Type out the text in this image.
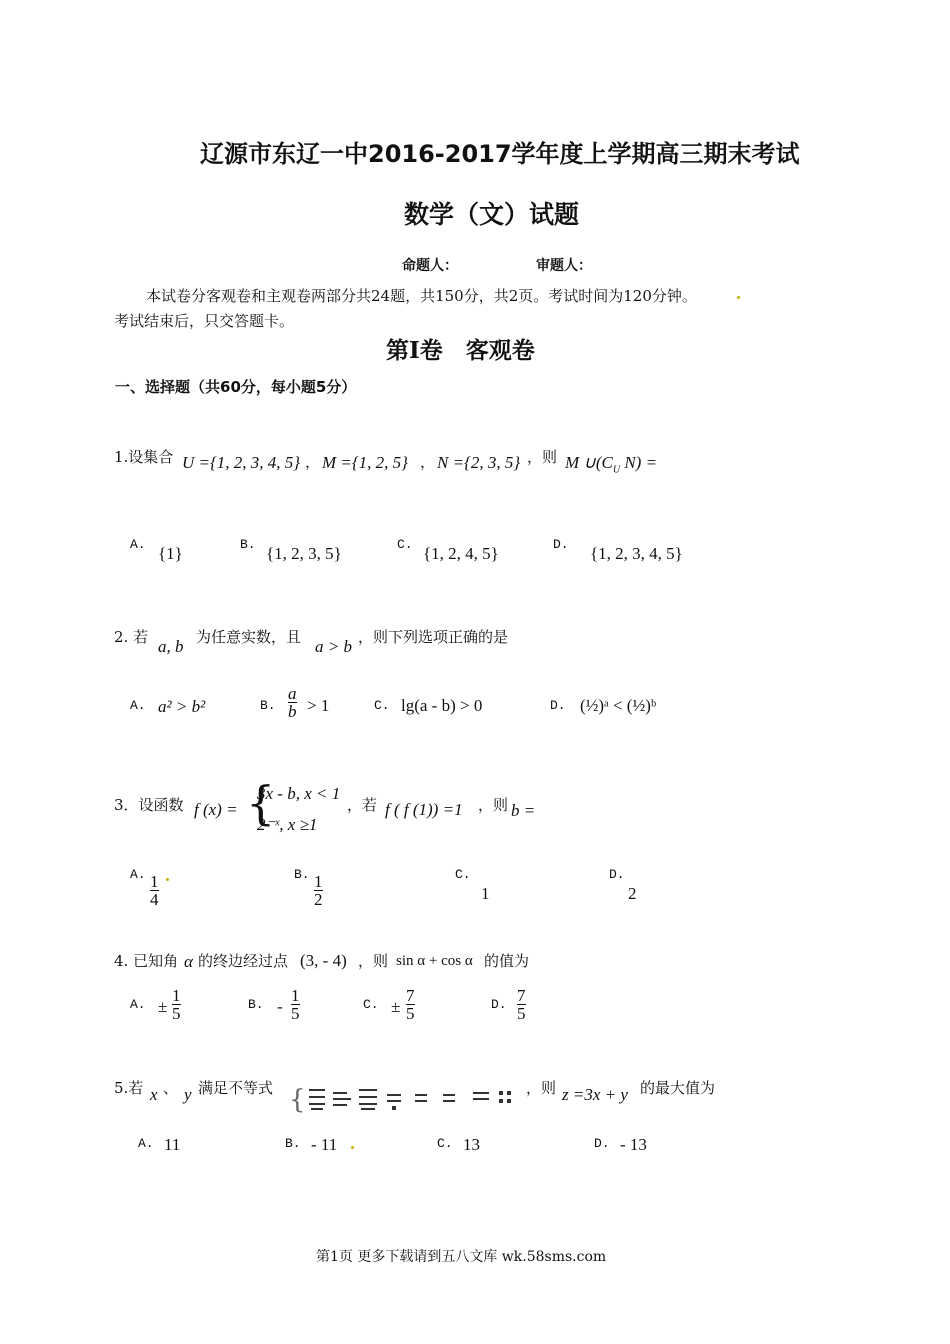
辽源市东辽一中2016-2017学年度上学期高三期末考试
数学（文）试题
命题人：	审题人：
本试卷分客观卷和主观卷两部分共24题，共150分，共2页。考试时间为120分钟。
考试结束后，只交答题卡。
第Ⅰ卷　客观卷
一、选择题（共60分，每小题5分）
1.设集合 U ={1, 2, 3, 4, 5} ， M ={1, 2, 5} ， N ={2, 3, 5} ，则 M $\cup(C_U$ N) =
A. {1}	B. {1, 2, 3, 5}	C. {1, 2, 4, 5}	D. {1, 2, 3, 4, 5}
2. 若 a, b 为任意实数，且 a > b ，则下列选项正确的是
A. a² > b²	B. $\frac{a}{b} > 1$	C. lg(a - b) > 0	D. (½)ᵃ < (½)ᵇ
3．设函数 f (x) = {
3x - b, x < 1
2⁻ˣ, x ≥1
，若 f ( f (1)) =1 ，则 b =
A. $\frac{1}{4}$	B. $\frac{1}{2}$	C.
1
D.
2
4. 已知角 α 的终边经过点 (3, - 4) ，则 sin α + cos α 的值为
A. ± $\frac{1}{5}$	B. - $\frac{1}{5}$	C. ± $\frac{7}{5}$	D. $\frac{7}{5}$
5.若 x 、 y 满足不等式 {	，则 z =3x + y 的最大值为
A. 11	B. - 11	C. 13	D. - 13
第1页 更多下载请到五八文库 wk.58sms.com
